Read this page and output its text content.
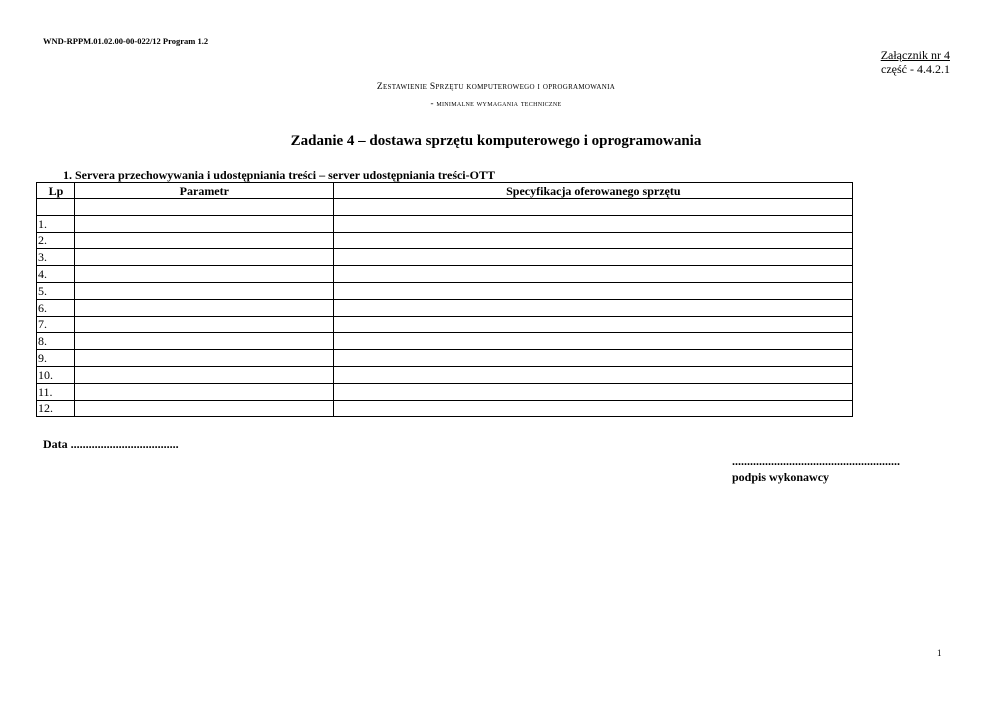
WND-RPPM.01.02.00-00-022/12 Program 1.2
Załącznik nr 4
część - 4.4.2.1
Zestawienie Sprzętu komputerowego i oprogramowania
- minimalne wymagania techniczne
Zadanie 4 – dostawa sprzętu komputerowego i oprogramowania
1. Servera przechowywania i udostępniania treści – server udostępniania treści-OTT
Lp	Parametr	Specyfikacja oferowanego sprzętu

1.		
2.		
3.		
4.		
5.		
6.		
7.		
8.		
9.		
10.		
11.		
12.		
Data ....................................
........................................................
podpis wykonawcy
1
